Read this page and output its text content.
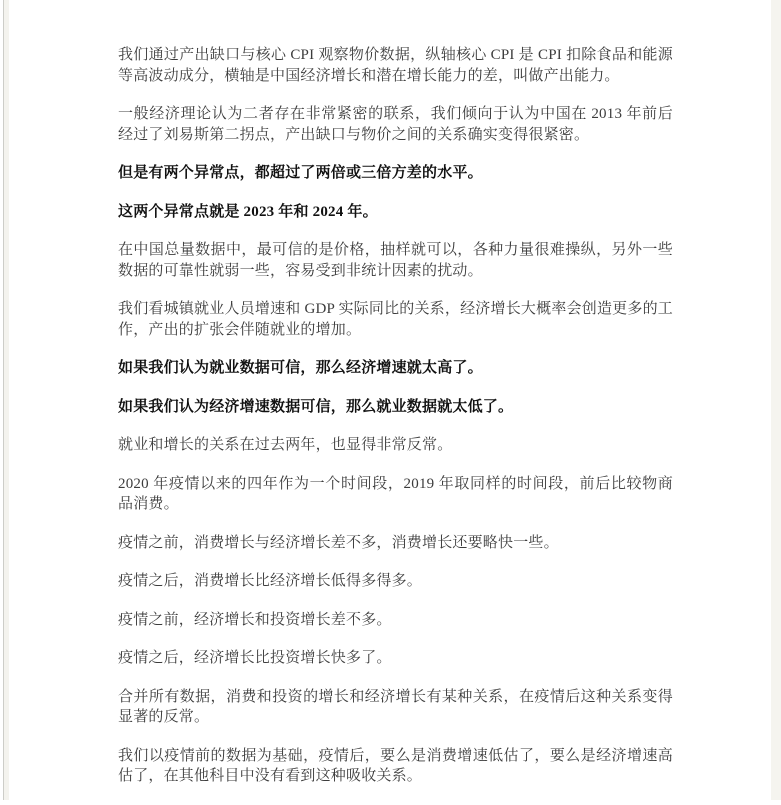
我们通过产出缺口与核心 CPI 观察物价数据，纵轴核心 CPI 是 CPI 扣除食品和能源等高波动成分，横轴是中国经济增长和潜在增长能力的差，叫做产出能力。

一般经济理论认为二者存在非常紧密的联系，我们倾向于认为中国在 2013 年前后经过了刘易斯第二拐点，产出缺口与物价之间的关系确实变得很紧密。

但是有两个异常点，都超过了两倍或三倍方差的水平。

这两个异常点就是 2023 年和 2024 年。

在中国总量数据中，最可信的是价格，抽样就可以，各种力量很难操纵，另外一些数据的可靠性就弱一些，容易受到非统计因素的扰动。

我们看城镇就业人员增速和 GDP 实际同比的关系，经济增长大概率会创造更多的工作，产出的扩张会伴随就业的增加。

如果我们认为就业数据可信，那么经济增速就太高了。

如果我们认为经济增速数据可信，那么就业数据就太低了。

就业和增长的关系在过去两年，也显得非常反常。

2020 年疫情以来的四年作为一个时间段，2019 年取同样的时间段，前后比较物商品消费。

疫情之前，消费增长与经济增长差不多，消费增长还要略快一些。

疫情之后，消费增长比经济增长低得多得多。

疫情之前，经济增长和投资增长差不多。

疫情之后，经济增长比投资增长快多了。

合并所有数据，消费和投资的增长和经济增长有某种关系，在疫情后这种关系变得显著的反常。

我们以疫情前的数据为基础，疫情后，要么是消费增速低估了，要么是经济增速高估了，在其他科目中没有看到这种吸收关系。
